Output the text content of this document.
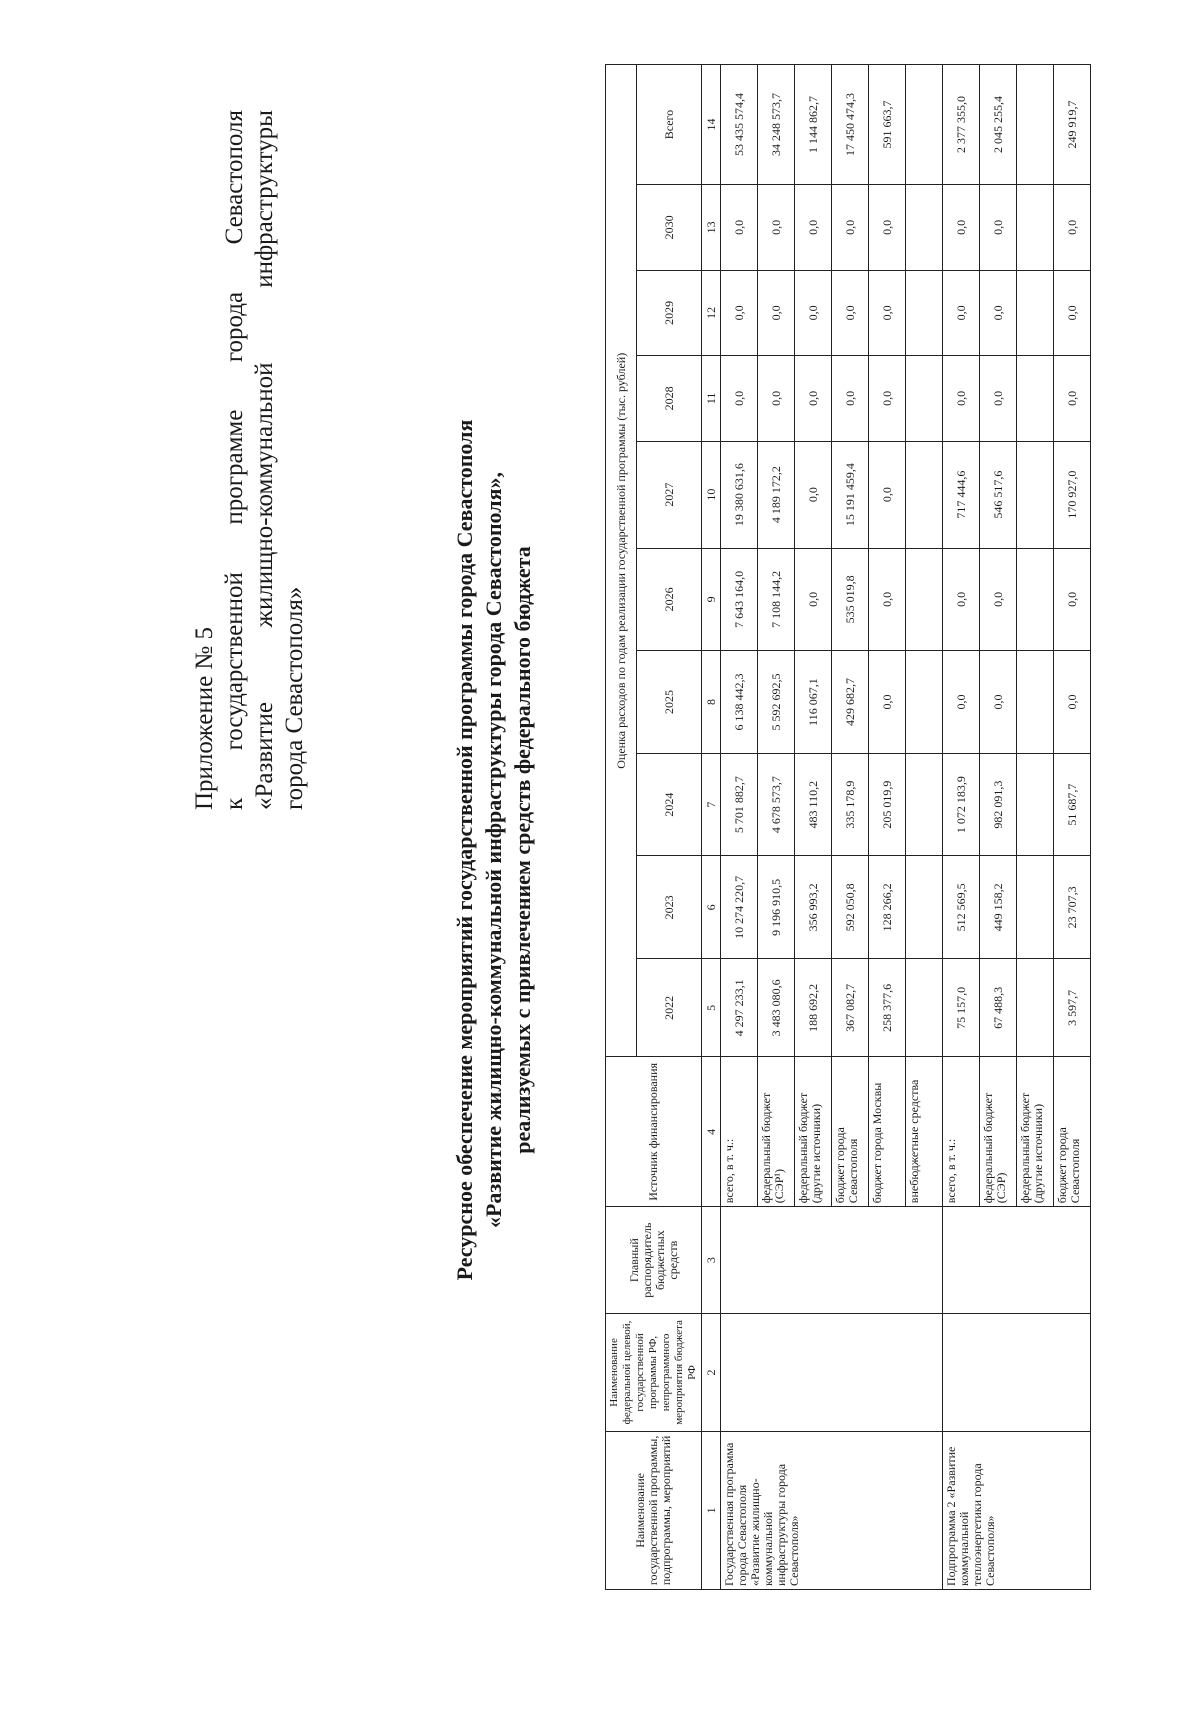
Приложение № 5 к
государственной
программе
города
Севастополя
«Развитие
жилищно-коммунальной
инфраструктуры
города Севастополя»	Ресурсное обеспечение мероприятий государственной программы города Севастополя «Развитие жилищно-коммунальной инфраструктуры города Севастополя», реализуемых с привлечением средств федерального бюджета
Наименование государственной программы, подпрограммы, мероприятий	Наименование федеральной целевой, государственной программы РФ, непрограммного мероприятия бюджета РФ	Главный распорядитель бюджетных средств	Источник финансирования	Оценка расходов по годам реализации государственной программы (тыс. рублей)									
				2022	2023	2024	2025	2026	2027	2028	2029	2030	Всего
1	2	3	4	5	6	7	8	9	10	11	12	13	14
Государственная программа города Севастополя «Развитие жилищно-коммунальной инфраструктуры города Севастополя»			всего, в т. ч.:	4 297 233,1	10 274 220,7	5 701 882,7	6 138 442,3	7 643 164,0	19 380 631,6	0,0	0,0	0,0	53 435 574,4
			федеральный бюджет (СЭР¹)	3 483 080,6	9 196 910,5	4 678 573,7	5 592 692,5	7 108 144,2	4 189 172,2	0,0	0,0	0,0	34 248 573,7
			федеральный бюджет (другие источники)	188 692,2	356 993,2	483 110,2	116 067,1	0,0	0,0	0,0	0,0	0,0	1 144 862,7
			бюджет города Севастополя	367 082,7	592 050,8	335 178,9	429 682,7	535 019,8	15 191 459,4	0,0	0,0	0,0	17 450 474,3
			бюджет города Москвы	258 377,6	128 266,2	205 019,9	0,0	0,0	0,0	0,0	0,0	0,0	591 663,7
			внебюджетные средства										
Подпрограмма 2 «Развитие коммунальной теплоэнергетики города Севастополя»			всего, в т. ч.:	75 157,0	512 569,5	1 072 183,9	0,0	0,0	717 444,6	0,0	0,0	0,0	2 377 355,0
			федеральный бюджет (СЭР)	67 488,3	449 158,2	982 091,3	0,0	0,0	546 517,6	0,0	0,0	0,0	2 045 255,4
			федеральный бюджет (другие источники)										
			бюджет города Севастополя	3 597,7	23 707,3	51 687,7	0,0	0,0	170 927,0	0,0	0,0	0,0	249 919,7
